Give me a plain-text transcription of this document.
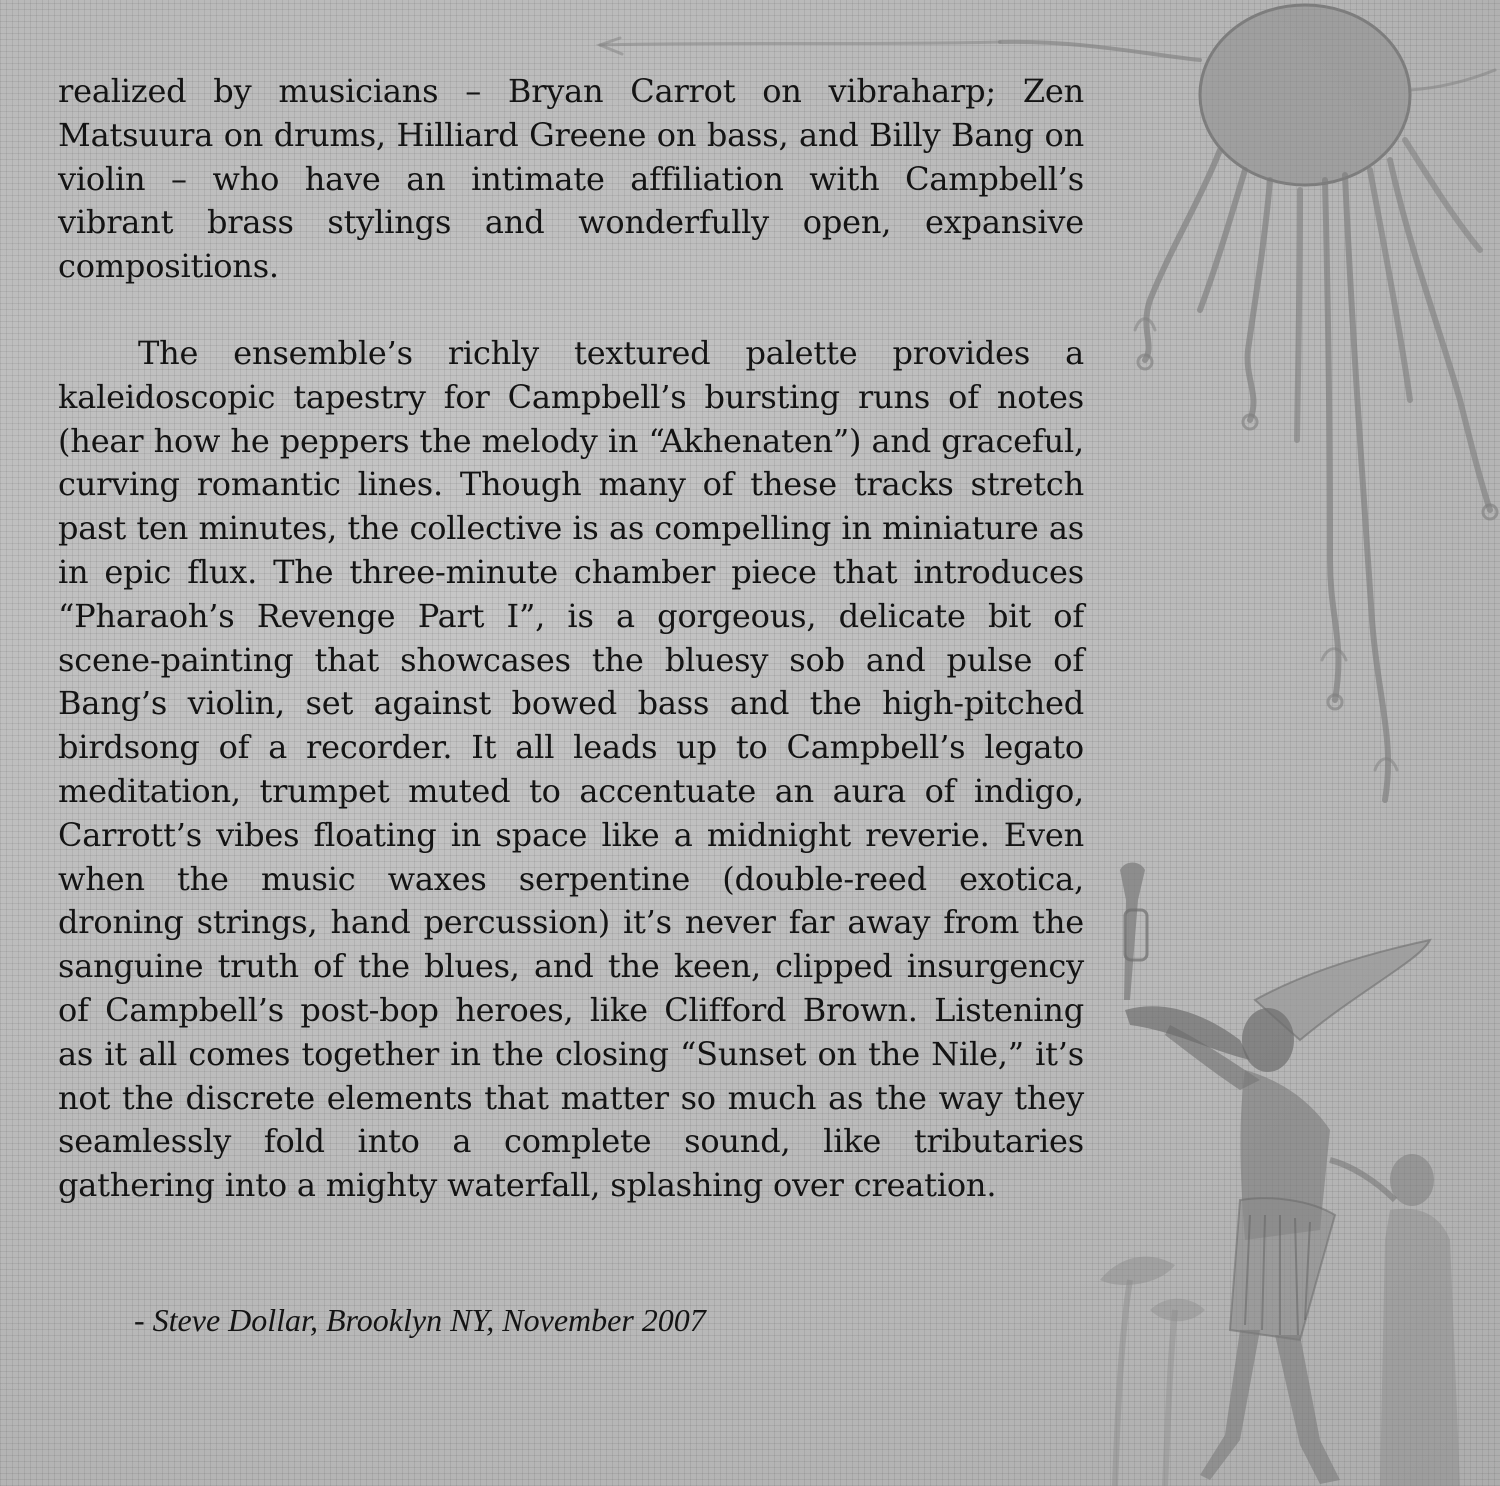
realized by musicians – Bryan Carrot on vibraharp; Zen Matsuura on drums, Hilliard Greene on bass, and Billy Bang on violin – who have an intimate affiliation with Campbell’s vibrant brass stylings and wonderfully open, expansive compositions.

The ensemble’s richly textured palette provides a kaleidoscopic tapestry for Campbell’s bursting runs of notes (hear how he peppers the melody in “Akhenaten”) and graceful, curving romantic lines. Though many of these tracks stretch past ten minutes, the collective is as compelling in miniature as in epic flux. The three-minute chamber piece that introduces “Pharaoh’s Revenge Part I”, is a gorgeous, delicate bit of scene-painting that showcases the bluesy sob and pulse of Bang’s violin, set against bowed bass and the high-pitched birdsong of a recorder. It all leads up to Campbell’s legato meditation, trumpet muted to accentuate an aura of indigo, Carrott’s vibes floating in space like a midnight reverie. Even when the music waxes serpentine (double-reed exotica, droning strings, hand percussion) it’s never far away from the sanguine truth of the blues, and the keen, clipped insurgency of Campbell’s post-bop heroes, like Clifford Brown. Listening as it all comes together in the closing “Sunset on the Nile,” it’s not the discrete elements that matter so much as the way they seamlessly fold into a complete sound, like tributaries gathering into a mighty waterfall, splashing over creation.

- Steve Dollar, Brooklyn NY, November 2007
